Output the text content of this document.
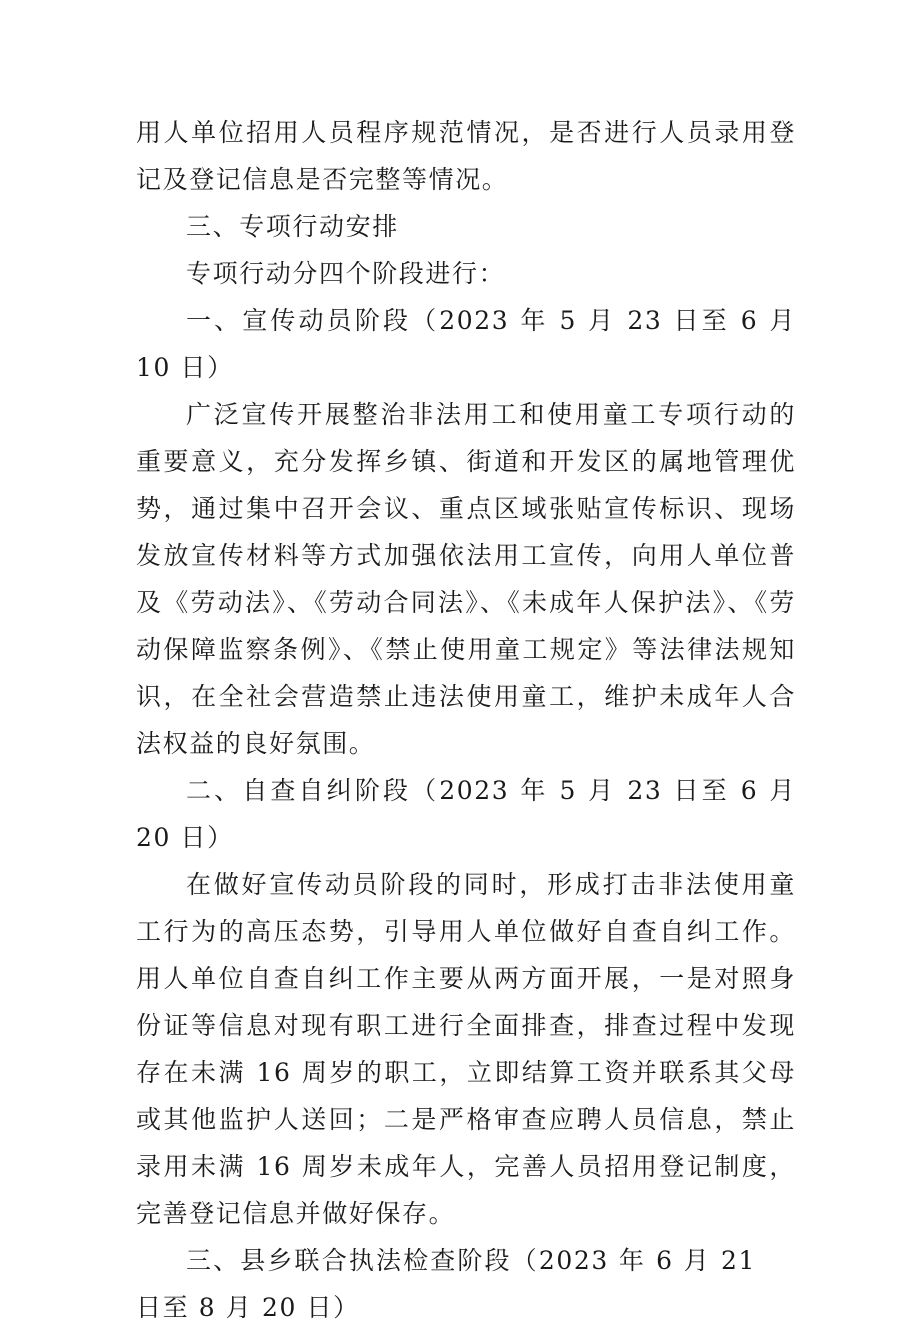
用人单位招用人员程序规范情况，是否进行人员录用登记及登记信息是否完整等情况。

三、专项行动安排

专项行动分四个阶段进行：

一、宣传动员阶段（2023 年 5 月 23 日至 6 月 10 日）

广泛宣传开展整治非法用工和使用童工专项行动的重要意义，充分发挥乡镇、街道和开发区的属地管理优势，通过集中召开会议、重点区域张贴宣传标识、现场发放宣传材料等方式加强依法用工宣传，向用人单位普及《劳动法》、《劳动合同法》、《未成年人保护法》、《劳动保障监察条例》、《禁止使用童工规定》等法律法规知识，在全社会营造禁止违法使用童工，维护未成年人合法权益的良好氛围。

二、自查自纠阶段（2023 年 5 月 23 日至 6 月 20 日）

在做好宣传动员阶段的同时，形成打击非法使用童工行为的高压态势，引导用人单位做好自查自纠工作。用人单位自查自纠工作主要从两方面开展，一是对照身份证等信息对现有职工进行全面排查，排查过程中发现存在未满 16 周岁的职工，立即结算工资并联系其父母或其他监护人送回；二是严格审查应聘人员信息，禁止录用未满 16 周岁未成年人，完善人员招用登记制度，完善登记信息并做好保存。

三、县乡联合执法检查阶段（2023 年 6 月 21 日至 8 月 20 日）
